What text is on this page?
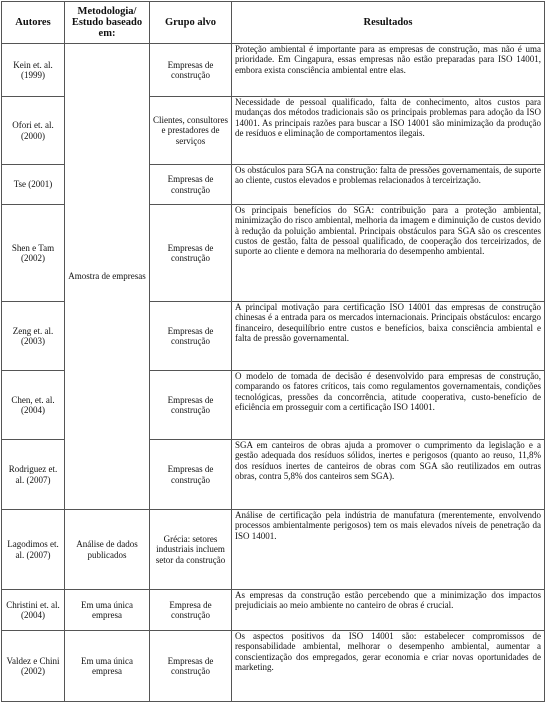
Autores	Metodologia/ Estudo baseado em:	Grupo alvo	Resultados
Kein et. al. (1999)	Amostra de empresas	Empresas de construção	Proteção ambiental é importante para as empresas de construção, mas não é uma prioridade. Em Cingapura, essas empresas não estão preparadas para ISO 14001, embora exista consciência ambiental entre elas.
Ofori et. al. (2000)		Clientes, consultores e prestadores de serviços	Necessidade de pessoal qualificado, falta de conhecimento, altos custos para mudanças dos métodos tradicionais são os principais problemas para adoção da ISO 14001. As principais razões para buscar a ISO 14001 são minimização da produção de resíduos e eliminação de comportamentos ilegais.
Tse (2001)		Empresas de construção	Os obstáculos para SGA na construção: falta de pressões governamentais, de suporte ao cliente, custos elevados e problemas relacionados à terceirização.
Shen e Tam (2002)		Empresas de construção	Os principais benefícios do SGA: contribuição para a proteção ambiental, minimização do risco ambiental, melhoria da imagem e diminuição de custos devido à redução da poluição ambiental. Principais obstáculos para SGA são os crescentes custos de gestão, falta de pessoal qualificado, de cooperação dos terceirizados, de suporte ao cliente e demora na melhoraria do desempenho ambiental.
Zeng et. al. (2003)		Empresas de construção	A principal motivação para certificação ISO 14001 das empresas de construção chinesas é a entrada para os mercados internacionais. Principais obstáculos: encargo financeiro, desequilíbrio entre custos e benefícios, baixa consciência ambiental e falta de pressão governamental.
Chen, et. al. (2004)		Empresas de construção	O modelo de tomada de decisão é desenvolvido para empresas de construção, comparando os fatores críticos, tais como regulamentos governamentais, condições tecnológicas, pressões da concorrência, atitude cooperativa, custo-benefício de eficiência em prosseguir com a certificação ISO 14001.
Rodriguez et. al. (2007)		Empresas de construção	SGA em canteiros de obras ajuda a promover o cumprimento da legislação e a gestão adequada dos resíduos sólidos, inertes e perigosos (quanto ao reuso, 11,8% dos resíduos inertes de canteiros de obras com SGA são reutilizados em outras obras, contra 5,8% dos canteiros sem SGA).
Lagodimos et. al. (2007)	Análise de dados publicados	Grécia: setores industriais incluem setor da construção	Análise de certificação pela indústria de manufatura (merentemente, envolvendo processos ambientalmente perigosos) tem os mais elevados níveis de penetração da ISO 14001.
Christini et. al. (2004)	Em uma única empresa	Empresa de construção	As empresas da construção estão percebendo que a minimização dos impactos prejudiciais ao meio ambiente no canteiro de obras é crucial.
Valdez e Chini (2002)	Em uma única empresa	Empresas de construção	Os aspectos positivos da ISO 14001 são: estabelecer compromissos de responsabilidade ambiental, melhorar o desempenho ambiental, aumentar a conscientização dos empregados, gerar economia e criar novas oportunidades de marketing.
